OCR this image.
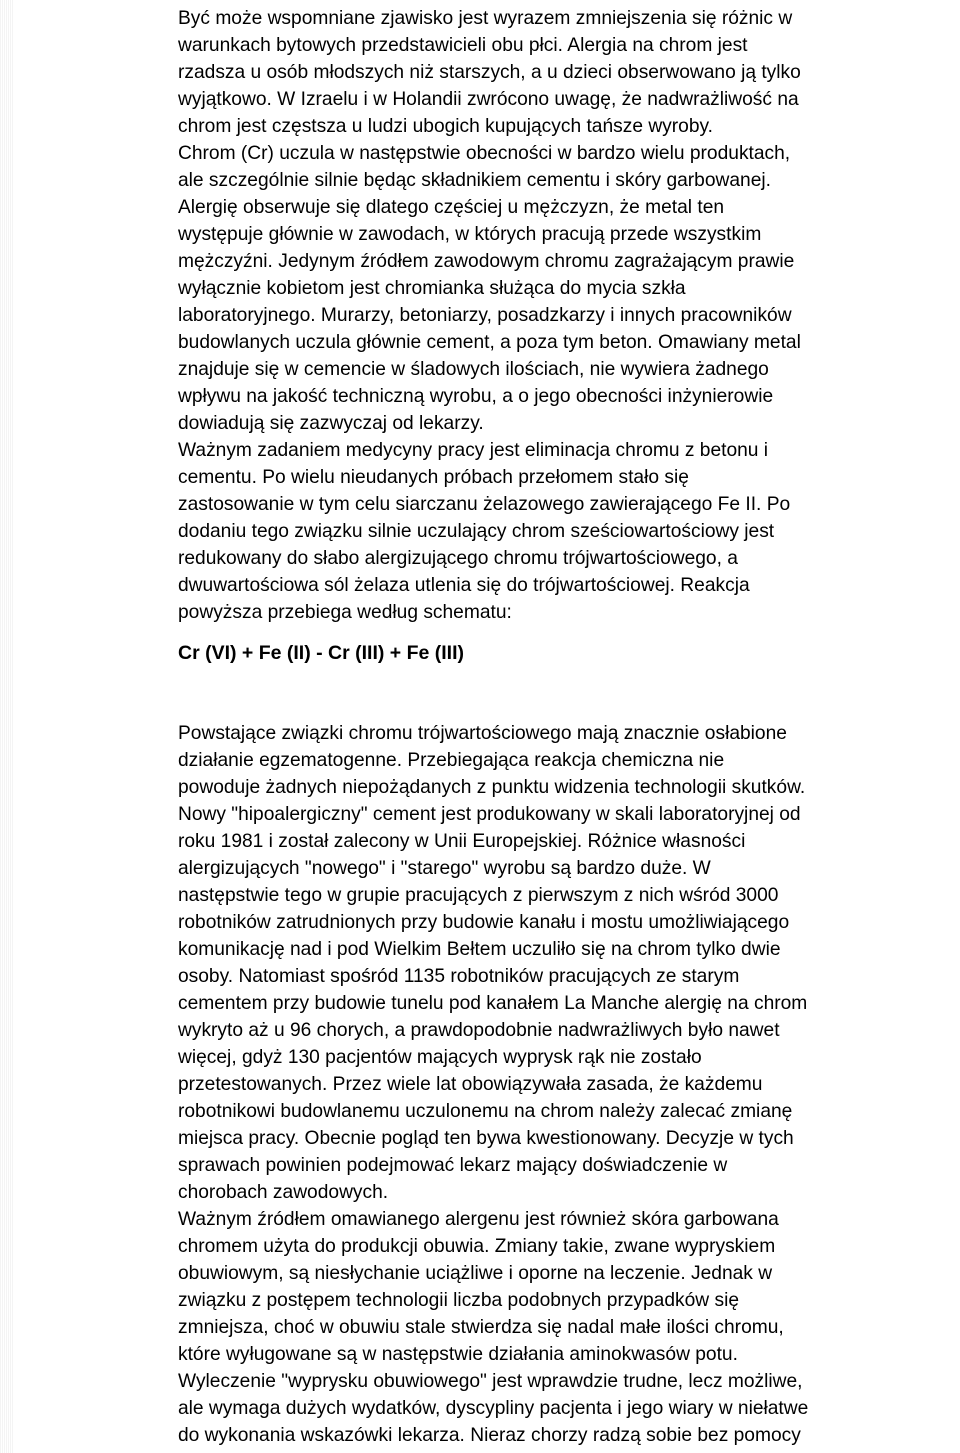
Być może wspomniane zjawisko jest wyrazem zmniejszenia się różnic w
warunkach bytowych przedstawicieli obu płci. Alergia na chrom jest
rzadsza u osób młodszych niż starszych, a u dzieci obserwowano ją tylko
wyjątkowo. W Izraelu i w Holandii zwrócono uwagę, że nadwrażliwość na
chrom jest częstsza u ludzi ubogich kupujących tańsze wyroby.
Chrom (Cr) uczula w następstwie obecności w bardzo wielu produktach,
ale szczególnie silnie będąc składnikiem cementu i skóry garbowanej.
Alergię obserwuje się dlatego częściej u mężczyzn, że metal ten
występuje głównie w zawodach, w których pracują przede wszystkim
mężczyźni. Jedynym źródłem zawodowym chromu zagrażającym prawie
wyłącznie kobietom jest chromianka służąca do mycia szkła
laboratoryjnego. Murarzy, betoniarzy, posadzkarzy i innych pracowników
budowlanych uczula głównie cement, a poza tym beton. Omawiany metal
znajduje się w cemencie w śladowych ilościach, nie wywiera żadnego
wpływu na jakość techniczną wyrobu, a o jego obecności inżynierowie
dowiadują się zazwyczaj od lekarzy.
Ważnym zadaniem medycyny pracy jest eliminacja chromu z betonu i
cementu. Po wielu nieudanych próbach przełomem stało się
zastosowanie w tym celu siarczanu żelazowego zawierającego Fe II. Po
dodaniu tego związku silnie uczulający chrom sześciowartościowy jest
redukowany do słabo alergizującego chromu trójwartościowego, a
dwuwartościowa sól żelaza utlenia się do trójwartościowej. Reakcja
powyższa przebiega według schematu:
Cr (VI) + Fe (II) - Cr (III) + Fe (III)
Powstające związki chromu trójwartościowego mają znacznie osłabione
działanie egzematogenne. Przebiegająca reakcja chemiczna nie
powoduje żadnych niepożądanych z punktu widzenia technologii skutków.
Nowy "hipoalergiczny" cement jest produkowany w skali laboratoryjnej od
roku 1981 i został zalecony w Unii Europejskiej. Różnice własności
alergizujących "nowego" i "starego" wyrobu są bardzo duże. W
następstwie tego w grupie pracujących z pierwszym z nich wśród 3000
robotników zatrudnionych przy budowie kanału i mostu umożliwiającego
komunikację nad i pod Wielkim Bełtem uczuliło się na chrom tylko dwie
osoby. Natomiast spośród 1135 robotników pracujących ze starym
cementem przy budowie tunelu pod kanałem La Manche alergię na chrom
wykryto aż u 96 chorych, a prawdopodobnie nadwrażliwych było nawet
więcej, gdyż 130 pacjentów mających wyprysk rąk nie zostało
przetestowanych. Przez wiele lat obowiązywała zasada, że każdemu
robotnikowi budowlanemu uczulonemu na chrom należy zalecać zmianę
miejsca pracy. Obecnie pogląd ten bywa kwestionowany. Decyzje w tych
sprawach powinien podejmować lekarz mający doświadczenie w
chorobach zawodowych.
Ważnym źródłem omawianego alergenu jest również skóra garbowana
chromem użyta do produkcji obuwia. Zmiany takie, zwane wypryskiem
obuwiowym, są niesłychanie uciążliwe i oporne na leczenie. Jednak w
związku z postępem technologii liczba podobnych przypadków się
zmniejsza, choć w obuwiu stale stwierdza się nadal małe ilości chromu,
które wyługowane są w następstwie działania aminokwasów potu.
Wyleczenie "wyprysku obuwiowego" jest wprawdzie trudne, lecz możliwe,
ale wymaga dużych wydatków, dyscypliny pacjenta i jego wiary w niełatwe
do wykonania wskazówki lekarza. Nieraz chorzy radzą sobie bez pomocy
